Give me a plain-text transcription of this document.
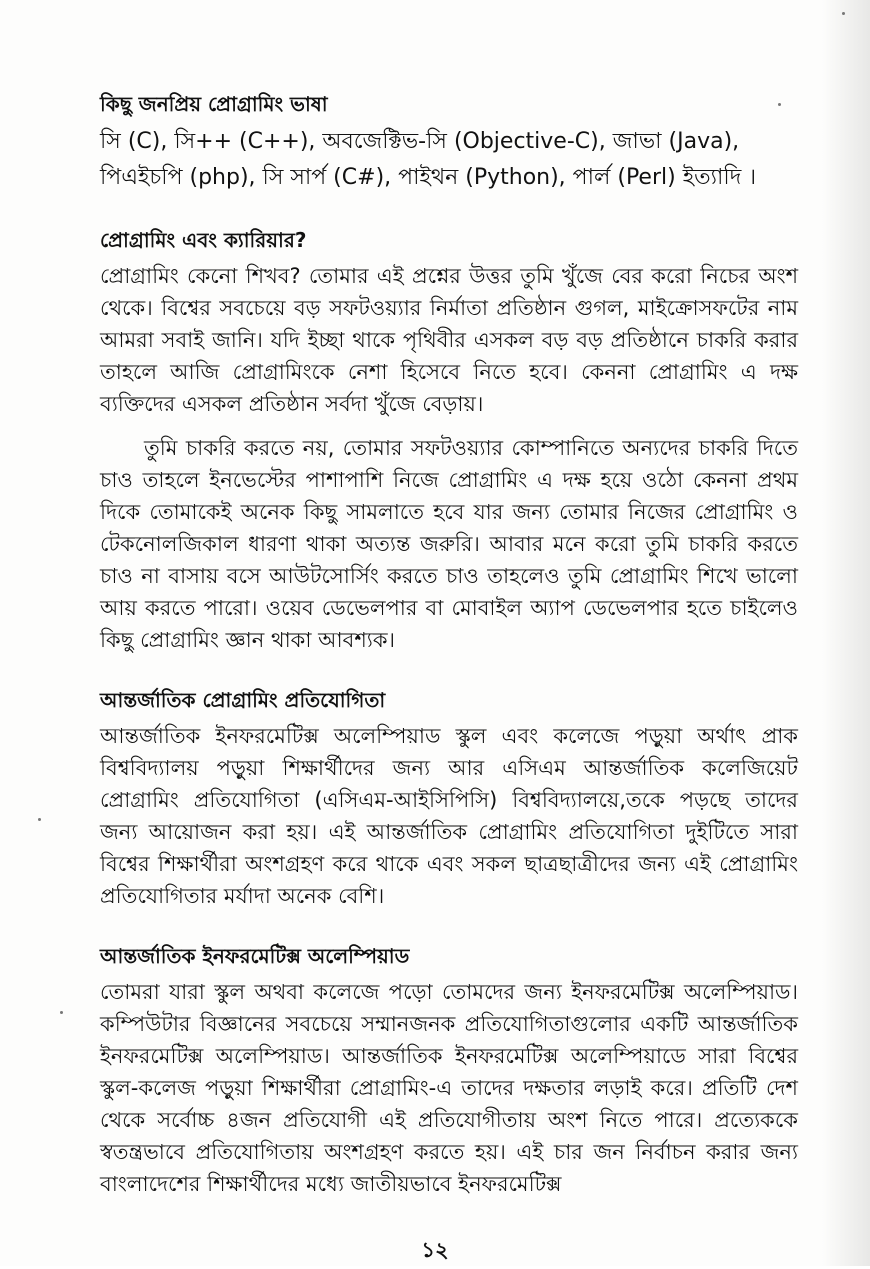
কিছু জনপ্রিয় প্রোগ্রামিং ভাষা

সি (C), সি++ (C++), অবজেক্টিভ-সি (Objective-C), জাভা (Java),

পিএইচপি (php), সি সার্প (C#), পাইথন (Python), পার্ল (Perl) ইত্যাদি ।

প্রোগ্রামিং এবং ক্যারিয়ার?

প্রোগ্রামিং কেনো শিখব? তোমার এই প্রশ্নের উত্তর তুমি খুঁজে বের করো নিচের অংশ থেকে। বিশ্বের সবচেয়ে বড় সফটওয়্যার নির্মাতা প্রতিষ্ঠান গুগল, মাইক্রোসফটের নাম আমরা সবাই জানি। যদি ইচ্ছা থাকে পৃথিবীর এসকল বড় বড় প্রতিষ্ঠানে চাকরি করার তাহলে আজি প্রোগ্রামিংকে নেশা হিসেবে নিতে হবে। কেননা প্রোগ্রামিং এ দক্ষ ব্যক্তিদের এসকল প্রতিষ্ঠান সর্বদা খুঁজে বেড়ায়।

তুমি চাকরি করতে নয়, তোমার সফটওয়্যার কোম্পানিতে অন্যদের চাকরি দিতে চাও তাহলে ইনভেস্টের পাশাপাশি নিজে প্রোগ্রামিং এ দক্ষ হয়ে ওঠো কেননা প্রথম দিকে তোমাকেই অনেক কিছু সামলাতে হবে যার জন্য তোমার নিজের প্রোগ্রামিং ও টেকনোলজিকাল ধারণা থাকা অত্যন্ত জরুরি। আবার মনে করো তুমি চাকরি করতে চাও না বাসায় বসে আউটসোর্সিং করতে চাও তাহলেও তুমি প্রোগ্রামিং শিখে ভালো আয় করতে পারো। ওয়েব ডেভেলপার বা মোবাইল অ্যাপ ডেভেলপার হতে চাইলেও কিছু প্রোগ্রামিং জ্ঞান থাকা আবশ্যক।

আন্তর্জাতিক প্রোগ্রামিং প্রতিযোগিতা

আন্তর্জাতিক ইনফরমেটিক্স অলেম্পিয়াড স্কুল এবং কলেজে পড়ুয়া অর্থাৎ প্রাক বিশ্ববিদ্যালয় পড়ুয়া শিক্ষার্থীদের জন্য আর এসিএম আন্তর্জাতিক কলেজিয়েট প্রোগ্রামিং প্রতিযোগিতা (এসিএম-আইসিপিসি) বিশ্ববিদ্যালয়ে,তকে পড়ছে তাদের জন্য আয়োজন করা হয়। এই আন্তর্জাতিক প্রোগ্রামিং প্রতিযোগিতা দুইটিতে সারা বিশ্বের শিক্ষার্থীরা অংশগ্রহণ করে থাকে এবং সকল ছাত্রছাত্রীদের জন্য এই প্রোগ্রামিং প্রতিযোগিতার মর্যাদা অনেক বেশি।

আন্তর্জাতিক ইনফরমেটিক্স অলেম্পিয়াড

তোমরা যারা স্কুল অথবা কলেজে পড়ো তোমদের জন্য ইনফরমেটিক্স অলেম্পিয়াড। কম্পিউটার বিজ্ঞানের সবচেয়ে সম্মানজনক প্রতিযোগিতাগুলোর একটি আন্তর্জাতিক ইনফরমেটিক্স অলেম্পিয়াড। আন্তর্জাতিক ইনফরমেটিক্স অলেম্পিয়াডে সারা বিশ্বের স্কুল-কলেজ পড়ুয়া শিক্ষার্থীরা প্রোগ্রামিং-এ তাদের দক্ষতার লড়াই করে। প্রতিটি দেশ থেকে সর্বোচ্চ ৪জন প্রতিযোগী এই প্রতিযোগীতায় অংশ নিতে পারে। প্রত্যেককে স্বতন্ত্রভাবে প্রতিযোগিতায় অংশগ্রহণ করতে হয়। এই চার জন নির্বাচন করার জন্য বাংলাদেশের শিক্ষার্থীদের মধ্যে জাতীয়ভাবে ইনফরমেটিক্স

১২
